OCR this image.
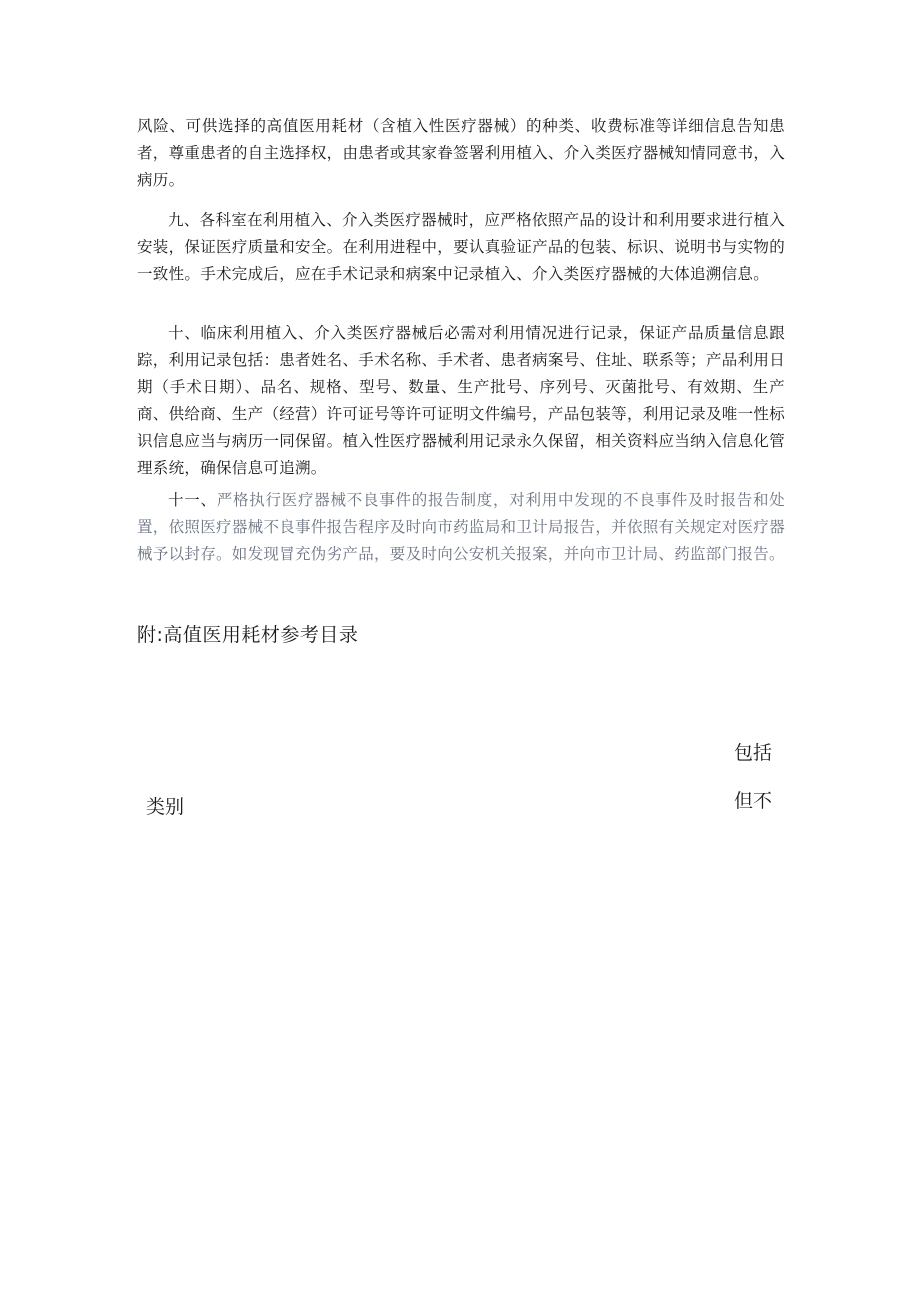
风险、可供选择的高值医用耗材（含植入性医疗器械）的种类、收费标准等详细信息告知患者，尊重患者的自主选择权，由患者或其家眷签署利用植入、介入类医疗器械知情同意书，入病历。

九、各科室在利用植入、介入类医疗器械时，应严格依照产品的设计和利用要求进行植入安装，保证医疗质量和安全。在利用进程中，要认真验证产品的包装、标识、说明书与实物的一致性。手术完成后，应在手术记录和病案中记录植入、介入类医疗器械的大体追溯信息。

十、临床利用植入、介入类医疗器械后必需对利用情况进行记录，保证产品质量信息跟踪，利用记录包括：患者姓名、手术名称、手术者、患者病案号、住址、联系等；产品利用日期（手术日期）、品名、规格、型号、数量、生产批号、序列号、灭菌批号、有效期、生产商、供给商、生产（经营）许可证号等许可证明文件编号，产品包装等，利用记录及唯一性标识信息应当与病历一同保留。植入性医疗器械利用记录永久保留，相关资料应当纳入信息化管理系统，确保信息可追溯。

十一、严格执行医疗器械不良事件的报告制度，对利用中发现的不良事件及时报告和处置，依照医疗器械不良事件报告程序及时向市药监局和卫计局报告，并依照有关规定对医疗器械予以封存。如发现冒充伪劣产品，要及时向公安机关报案，并向市卫计局、药监部门报告。

附:高值医用耗材参考目录
类别
包括
但不
